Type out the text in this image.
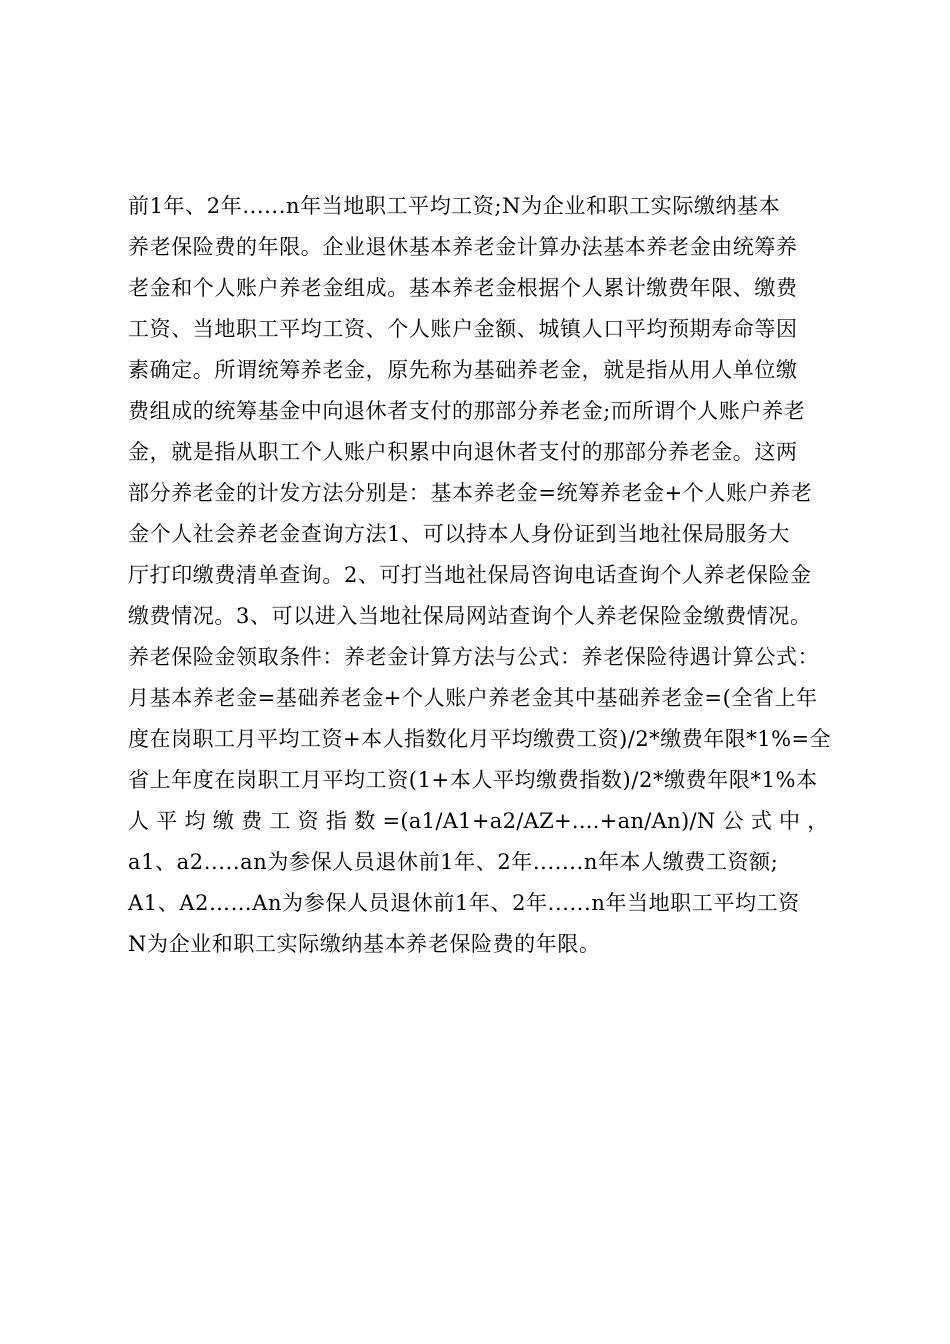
前1年、2年......n年当地职工平均工资;N为企业和职工实际缴纳基本
养老保险费的年限。企业退休基本养老金计算办法基本养老金由统筹养
老金和个人账户养老金组成。基本养老金根据个人累计缴费年限、缴费
工资、当地职工平均工资、个人账户金额、城镇人口平均预期寿命等因
素确定。所谓统筹养老金，原先称为基础养老金，就是指从用人单位缴
费组成的统筹基金中向退休者支付的那部分养老金;而所谓个人账户养老
金，就是指从职工个人账户积累中向退休者支付的那部分养老金。这两
部分养老金的计发方法分别是：基本养老金=统筹养老金+个人账户养老
金个人社会养老金查询方法1、可以持本人身份证到当地社保局服务大
厅打印缴费清单查询。2、可打当地社保局咨询电话查询个人养老保险金
缴费情况。3、可以进入当地社保局网站查询个人养老保险金缴费情况。
养老保险金领取条件：养老金计算方法与公式：养老保险待遇计算公式：
月基本养老金=基础养老金+个人账户养老金其中基础养老金=(全省上年
度在岗职工月平均工资+本人指数化月平均缴费工资)/2*缴费年限*1%=全
省上年度在岗职工月平均工资(1+本人平均缴费指数)/2*缴费年限*1%本
人 平 均 缴 费 工 资 指 数 =(a1/A1+a2/AZ+....+an/An)/N 公 式 中 ，
a1、a2.....an为参保人员退休前1年、2年.......n年本人缴费工资额;
A1、A2……An为参保人员退休前1年、2年......n年当地职工平均工资
N为企业和职工实际缴纳基本养老保险费的年限。
